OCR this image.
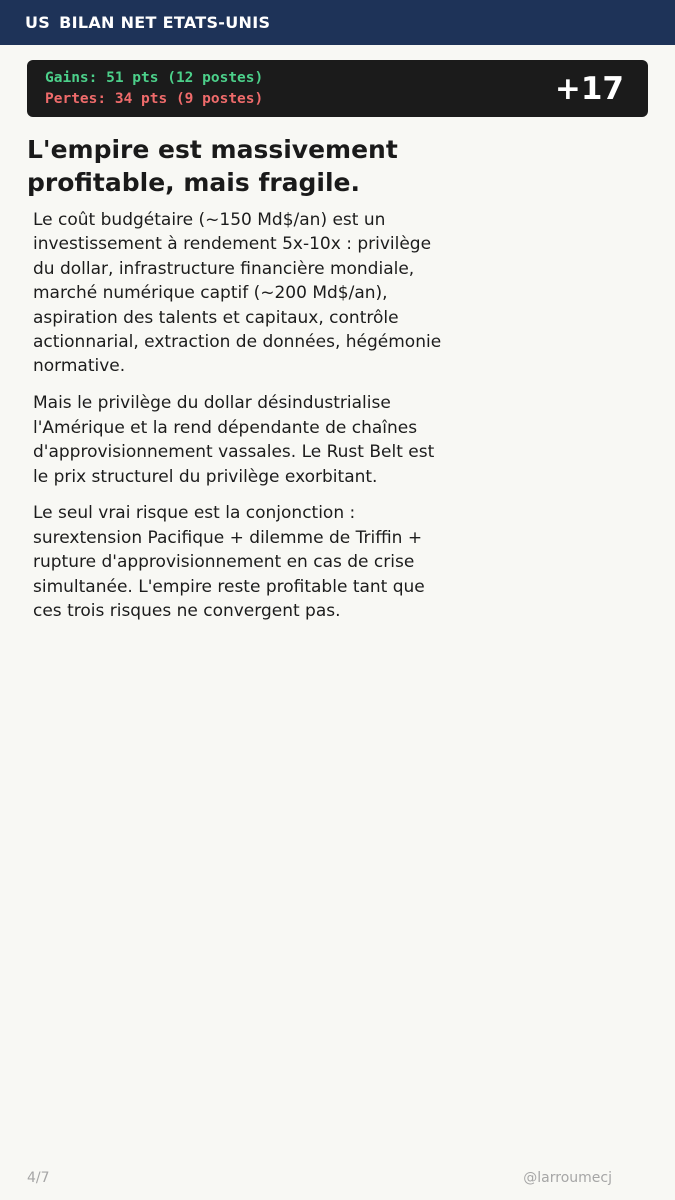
US BILAN NET ETATS-UNIS
Gains: 51 pts (12 postes)
Pertes: 34 pts (9 postes)	+17
L'empire est massivement profitable, mais fragile.

Le coût budgétaire (~150 Md$/an) est un investissement à rendement 5x-10x : privilège du dollar, infrastructure financière mondiale, marché numérique captif (~200 Md$/an), aspiration des talents et capitaux, contrôle actionnarial, extraction de données, hégémonie normative.

Mais le privilège du dollar désindustrialise l'Amérique et la rend dépendante de chaînes d'approvisionnement vassales. Le Rust Belt est le prix structurel du privilège exorbitant.

Le seul vrai risque est la conjonction : surextension Pacifique + dilemme de Triffin + rupture d'approvisionnement en cas de crise simultanée. L'empire reste profitable tant que ces trois risques ne convergent pas.

4/7	@larroumecj
